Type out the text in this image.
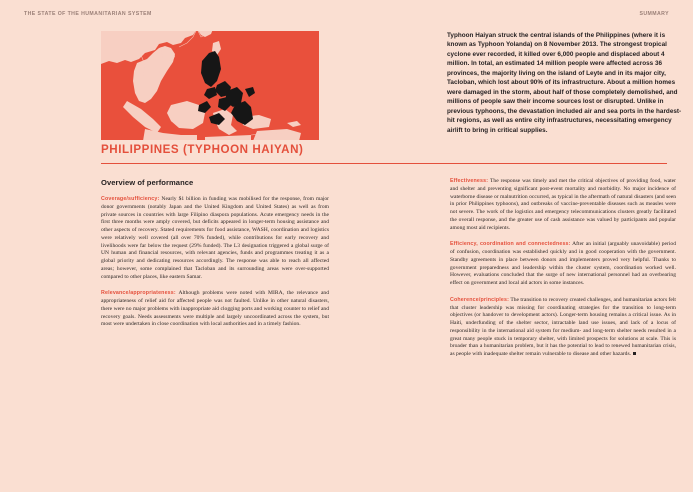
THE STATE OF THE HUMANITARIAN SYSTEM	SUMMARY

Typhoon Haiyan struck the central islands of the Philippines (where it is known as Typhoon Yolanda) on 8 November 2013. The strongest tropical cyclone ever recorded, it killed over 6,000 people and displaced about 4 million. In total, an estimated 14 million people were affected across 36 provinces, the majority living on the island of Leyte and in its major city, Tacloban, which lost about 90% of its infrastructure. About a million homes were damaged in the storm, about half of those completely demolished, and millions of people saw their income sources lost or disrupted. Unlike in previous typhoons, the devastation included air and sea ports in the hardest-hit regions, as well as entire city infrastructures, necessitating emergency airlift to bring in critical supplies.

PHILIPPINES (TYPHOON HAIYAN)
Overview of performance

Coverage/sufficiency: Nearly $1 billion in funding was mobilised for the response, from major donor governments (notably Japan and the United Kingdom and United States) as well as from private sources in countries with large Filipino diaspora populations. Acute emergency needs in the first three months were amply covered, but deficits appeared in longer-term housing assistance and other aspects of recovery. Stated requirements for food assistance, WASH, coordination and logistics were relatively well covered (all over 70% funded), while contributions for early recovery and livelihoods were far below the request (29% funded). The L3 designation triggered a global surge of UN human and financial resources, with relevant agencies, funds and programmes treating it as a global priority and dedicating resources accordingly. The response was able to reach all affected areas; however, some complained that Tacloban and its surrounding areas were over-supported compared to other places, like eastern Samar.

Relevance/appropriateness: Although problems were noted with MIRA, the relevance and appropriateness of relief aid for affected people was not faulted. Unlike in other natural disasters, there were no major problems with inappropriate aid clogging ports and working counter to relief and recovery goals. Needs assessments were multiple and largely uncoordinated across the system, but most were undertaken in close coordination with local authorities and in a timely fashion.

Effectiveness: The response was timely and met the critical objectives of providing food, water and shelter and preventing significant post-event mortality and morbidity. No major incidence of waterborne disease or malnutrition occurred, as typical in the aftermath of natural disasters (and seen in prior Philippines typhoons), and outbreaks of vaccine-preventable diseases such as measles were not severe. The work of the logistics and emergency telecommunications clusters greatly facilitated the overall response, and the greater use of cash assistance was valued by participants and popular among most aid recipients.

Efficiency, coordination and connectedness: After an initial (arguably unavoidable) period of confusion, coordination was established quickly and in good cooperation with the government. Standby agreements in place between donors and implementers proved very helpful. Thanks to government preparedness and leadership within the cluster system, coordination worked well. However, evaluations concluded that the surge of new international personnel had an overbearing effect on government and local aid actors in some instances.

Coherence/principles: The transition to recovery created challenges, and humanitarian actors felt that cluster leadership was missing for coordinating strategies for the transition to long-term objectives (or handover to development actors). Longer-term housing remains a critical issue. As in Haiti, underfunding of the shelter sector, intractable land use issues, and lack of a locus of responsibility in the international aid system for medium- and long-term shelter needs resulted in a great many people stuck in temporary shelter, with limited prospects for solutions at scale. This is broader than a humanitarian problem, but it has the potential to lead to renewed humanitarian crisis, as people with inadequate shelter remain vulnerable to disease and other hazards.
